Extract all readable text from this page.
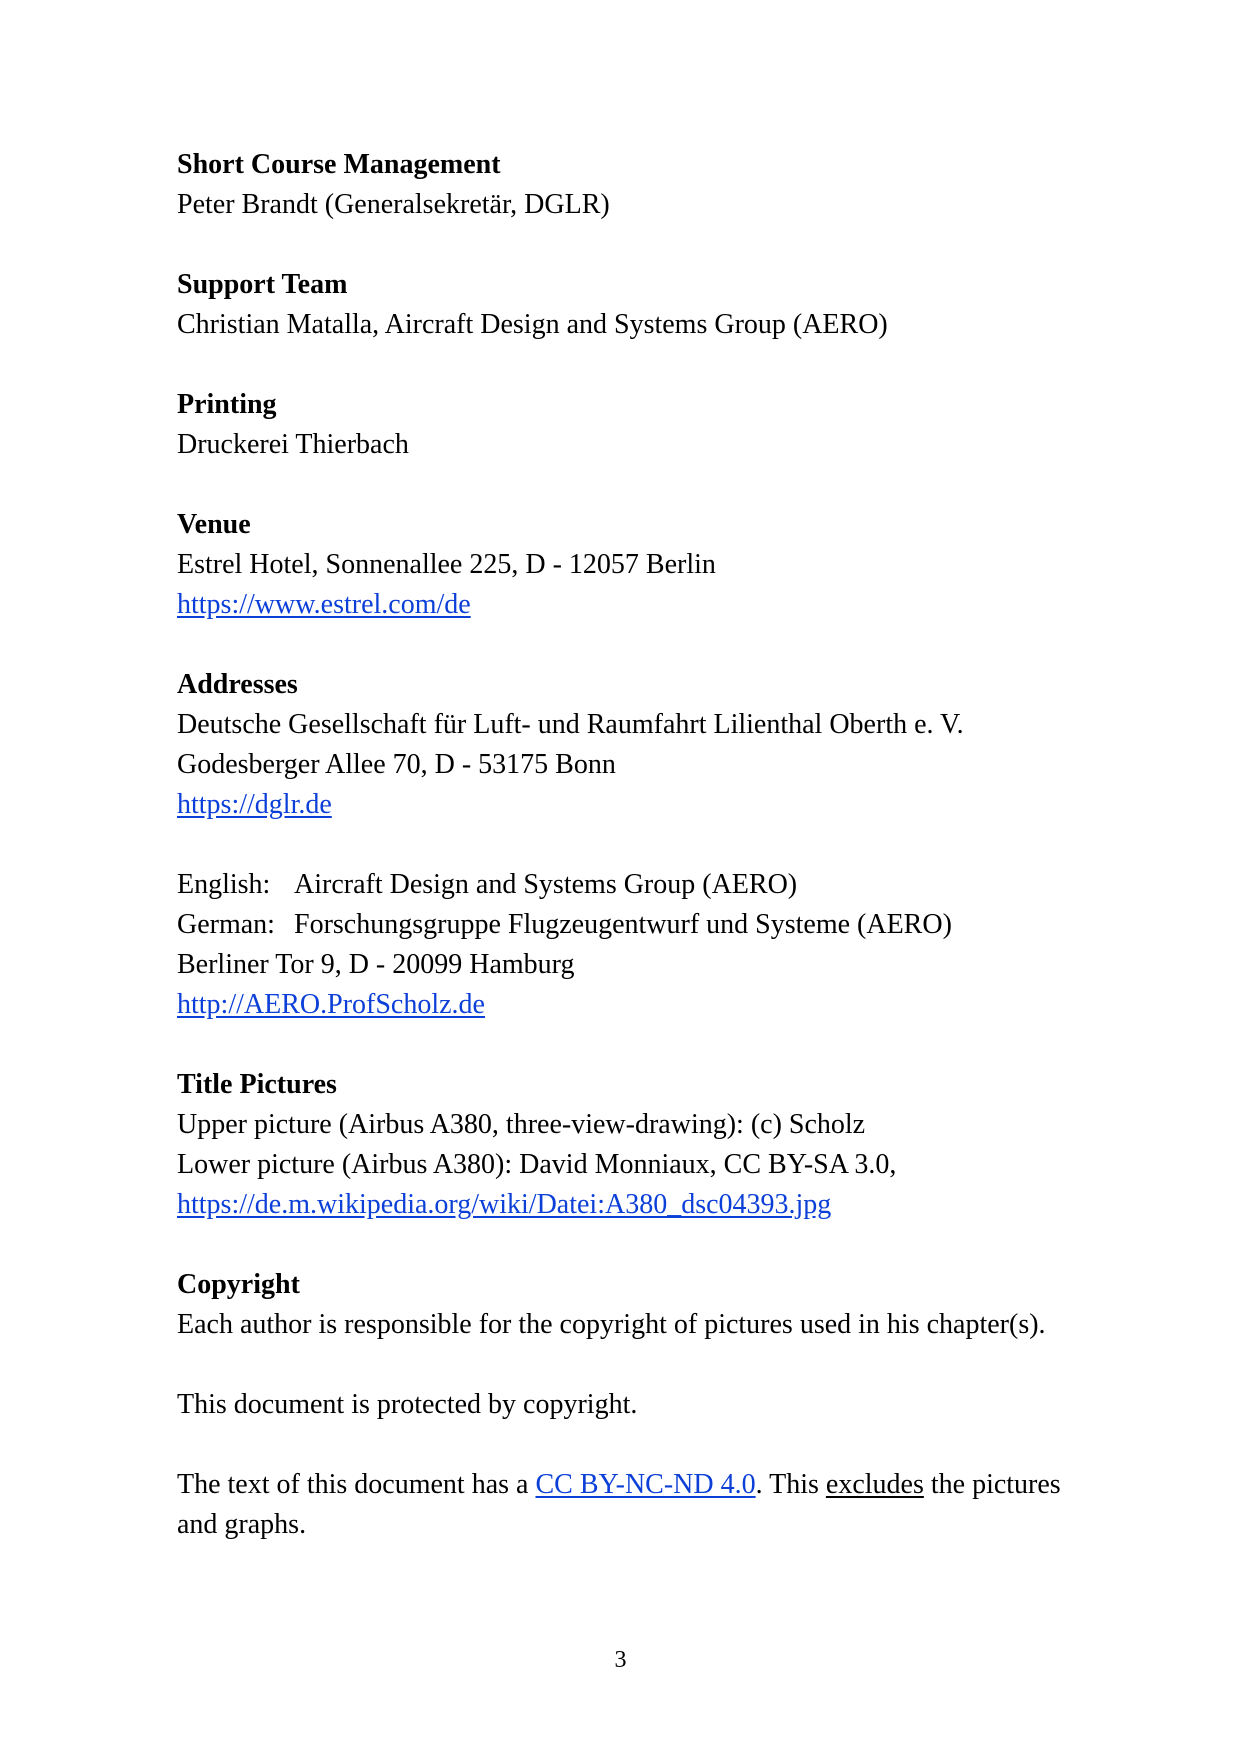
Short Course Management
Peter Brandt (Generalsekretär, DGLR)
Support Team
Christian Matalla, Aircraft Design and Systems Group (AERO)
Printing
Druckerei Thierbach
Venue
Estrel Hotel, Sonnenallee 225, D - 12057 Berlin
https://www.estrel.com/de
Addresses
Deutsche Gesellschaft für Luft- und Raumfahrt Lilienthal Oberth e. V.
Godesberger Allee 70, D - 53175 Bonn
https://dglr.de
English: Aircraft Design and Systems Group (AERO)
German: Forschungsgruppe Flugzeugentwurf und Systeme (AERO)
Berliner Tor 9, D - 20099 Hamburg
http://AERO.ProfScholz.de
Title Pictures
Upper picture (Airbus A380, three-view-drawing): (c) Scholz
Lower picture (Airbus A380): David Monniaux, CC BY-SA 3.0,
https://de.m.wikipedia.org/wiki/Datei:A380_dsc04393.jpg
Copyright
Each author is responsible for the copyright of pictures used in his chapter(s).
This document is protected by copyright.
The text of this document has a CC BY-NC-ND 4.0. This excludes the pictures
and graphs.
3
